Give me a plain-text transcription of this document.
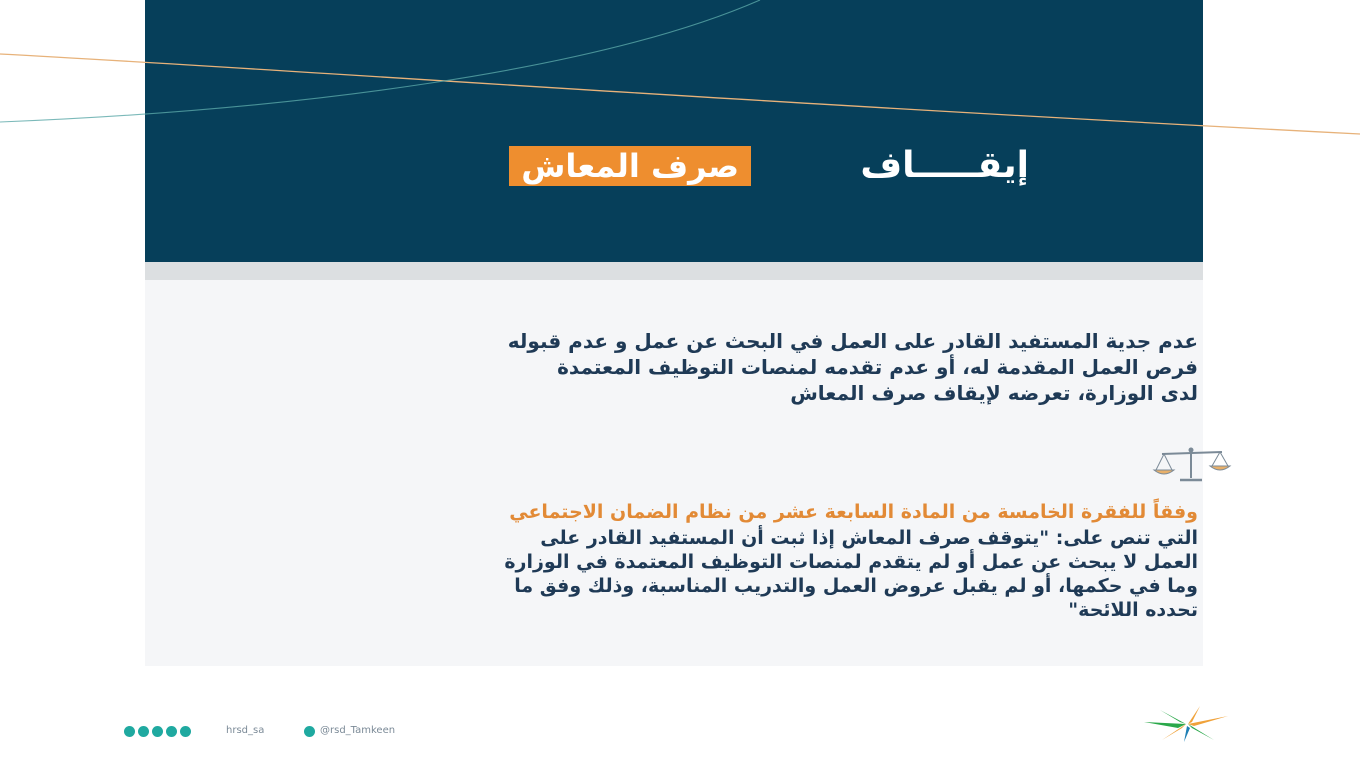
إيقـــــاف
صرف المعاش
عدم جدية المستفيد القادر على العمل في البحث عن عمل و عدم قبوله
فرص العمل المقدمة له، أو عدم تقدمه لمنصات التوظيف المعتمدة
لدى الوزارة، تعرضه لإيقاف صرف المعاش
وفقاً للفقرة الخامسة من المادة السابعة عشر من نظام الضمان الاجتماعي
التي تنص على: "يتوقف صرف المعاش إذا ثبت أن المستفيد القادر على
العمل لا يبحث عن عمل أو لم يتقدم لمنصات التوظيف المعتمدة في الوزارة
وما في حكمها، أو لم يقبل عروض العمل والتدريب المناسبة، وذلك وفق ما
تحدده اللائحة"
hrsd_sa	@rsd_Tamkeen
